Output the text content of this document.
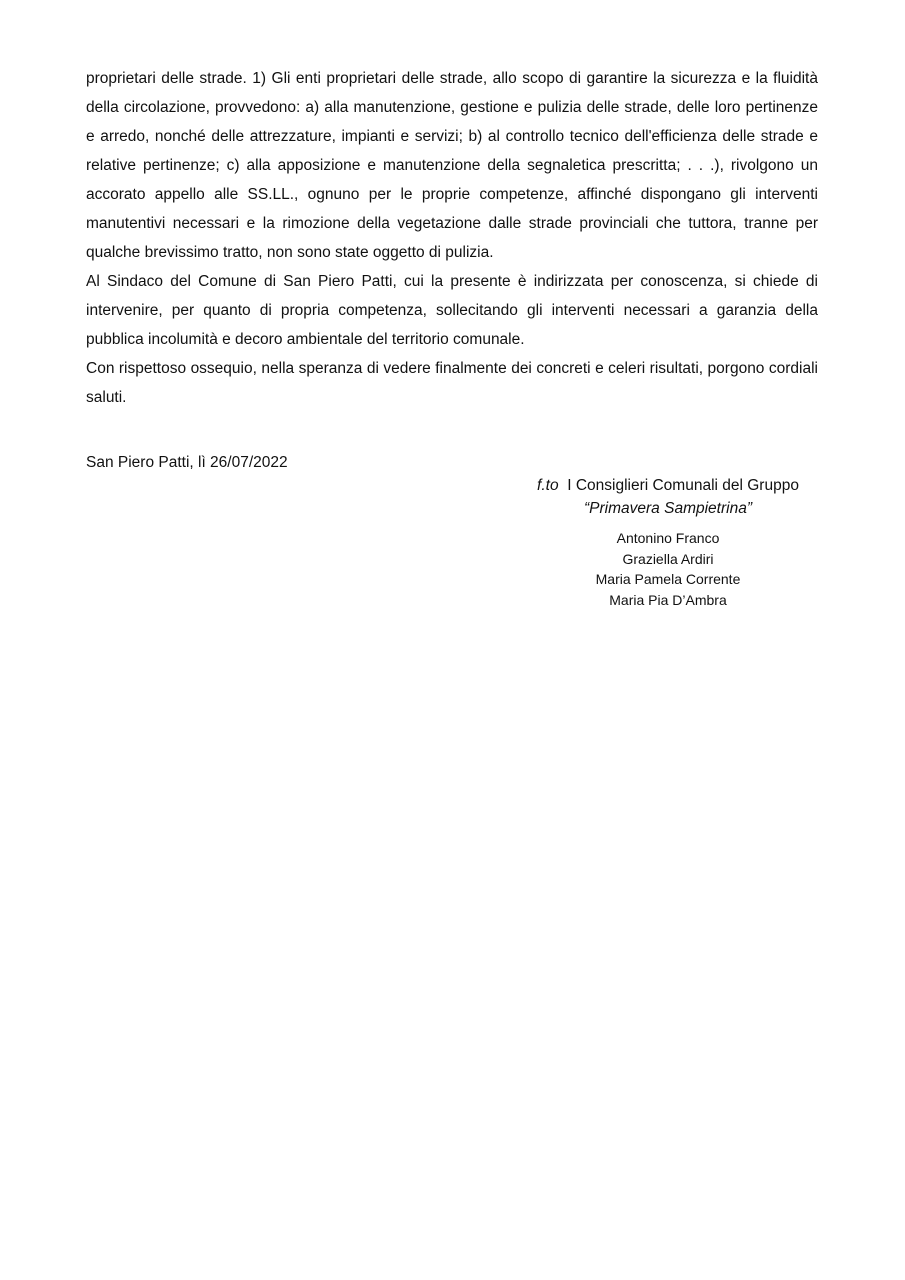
proprietari delle strade. 1) Gli enti proprietari delle strade, allo scopo di garantire la sicurezza e la fluidità della circolazione, provvedono: a) alla manutenzione, gestione e pulizia delle strade, delle loro pertinenze e arredo, nonché delle attrezzature, impianti e servizi; b) al controllo tecnico dell'efficienza delle strade e relative pertinenze; c) alla apposizione e manutenzione della segnaletica prescritta; . . .), rivolgono un accorato appello alle SS.LL., ognuno per le proprie competenze, affinché dispongano gli interventi manutentivi necessari e la rimozione della vegetazione dalle strade provinciali che tuttora, tranne per qualche brevissimo tratto, non sono state oggetto di pulizia.

Al Sindaco del Comune di San Piero Patti, cui la presente è indirizzata per conoscenza, si chiede di intervenire, per quanto di propria competenza, sollecitando gli interventi necessari a garanzia della pubblica incolumità e decoro ambientale del territorio comunale.

Con rispettoso ossequio, nella speranza di vedere finalmente dei concreti e celeri risultati, porgono cordiali saluti.

San Piero Patti, lì 26/07/2022
f.to I Consiglieri Comunali del Gruppo
“Primavera Sampietrina”
Antonino Franco
Graziella Ardiri
Maria Pamela Corrente
Maria Pia D’Ambra
